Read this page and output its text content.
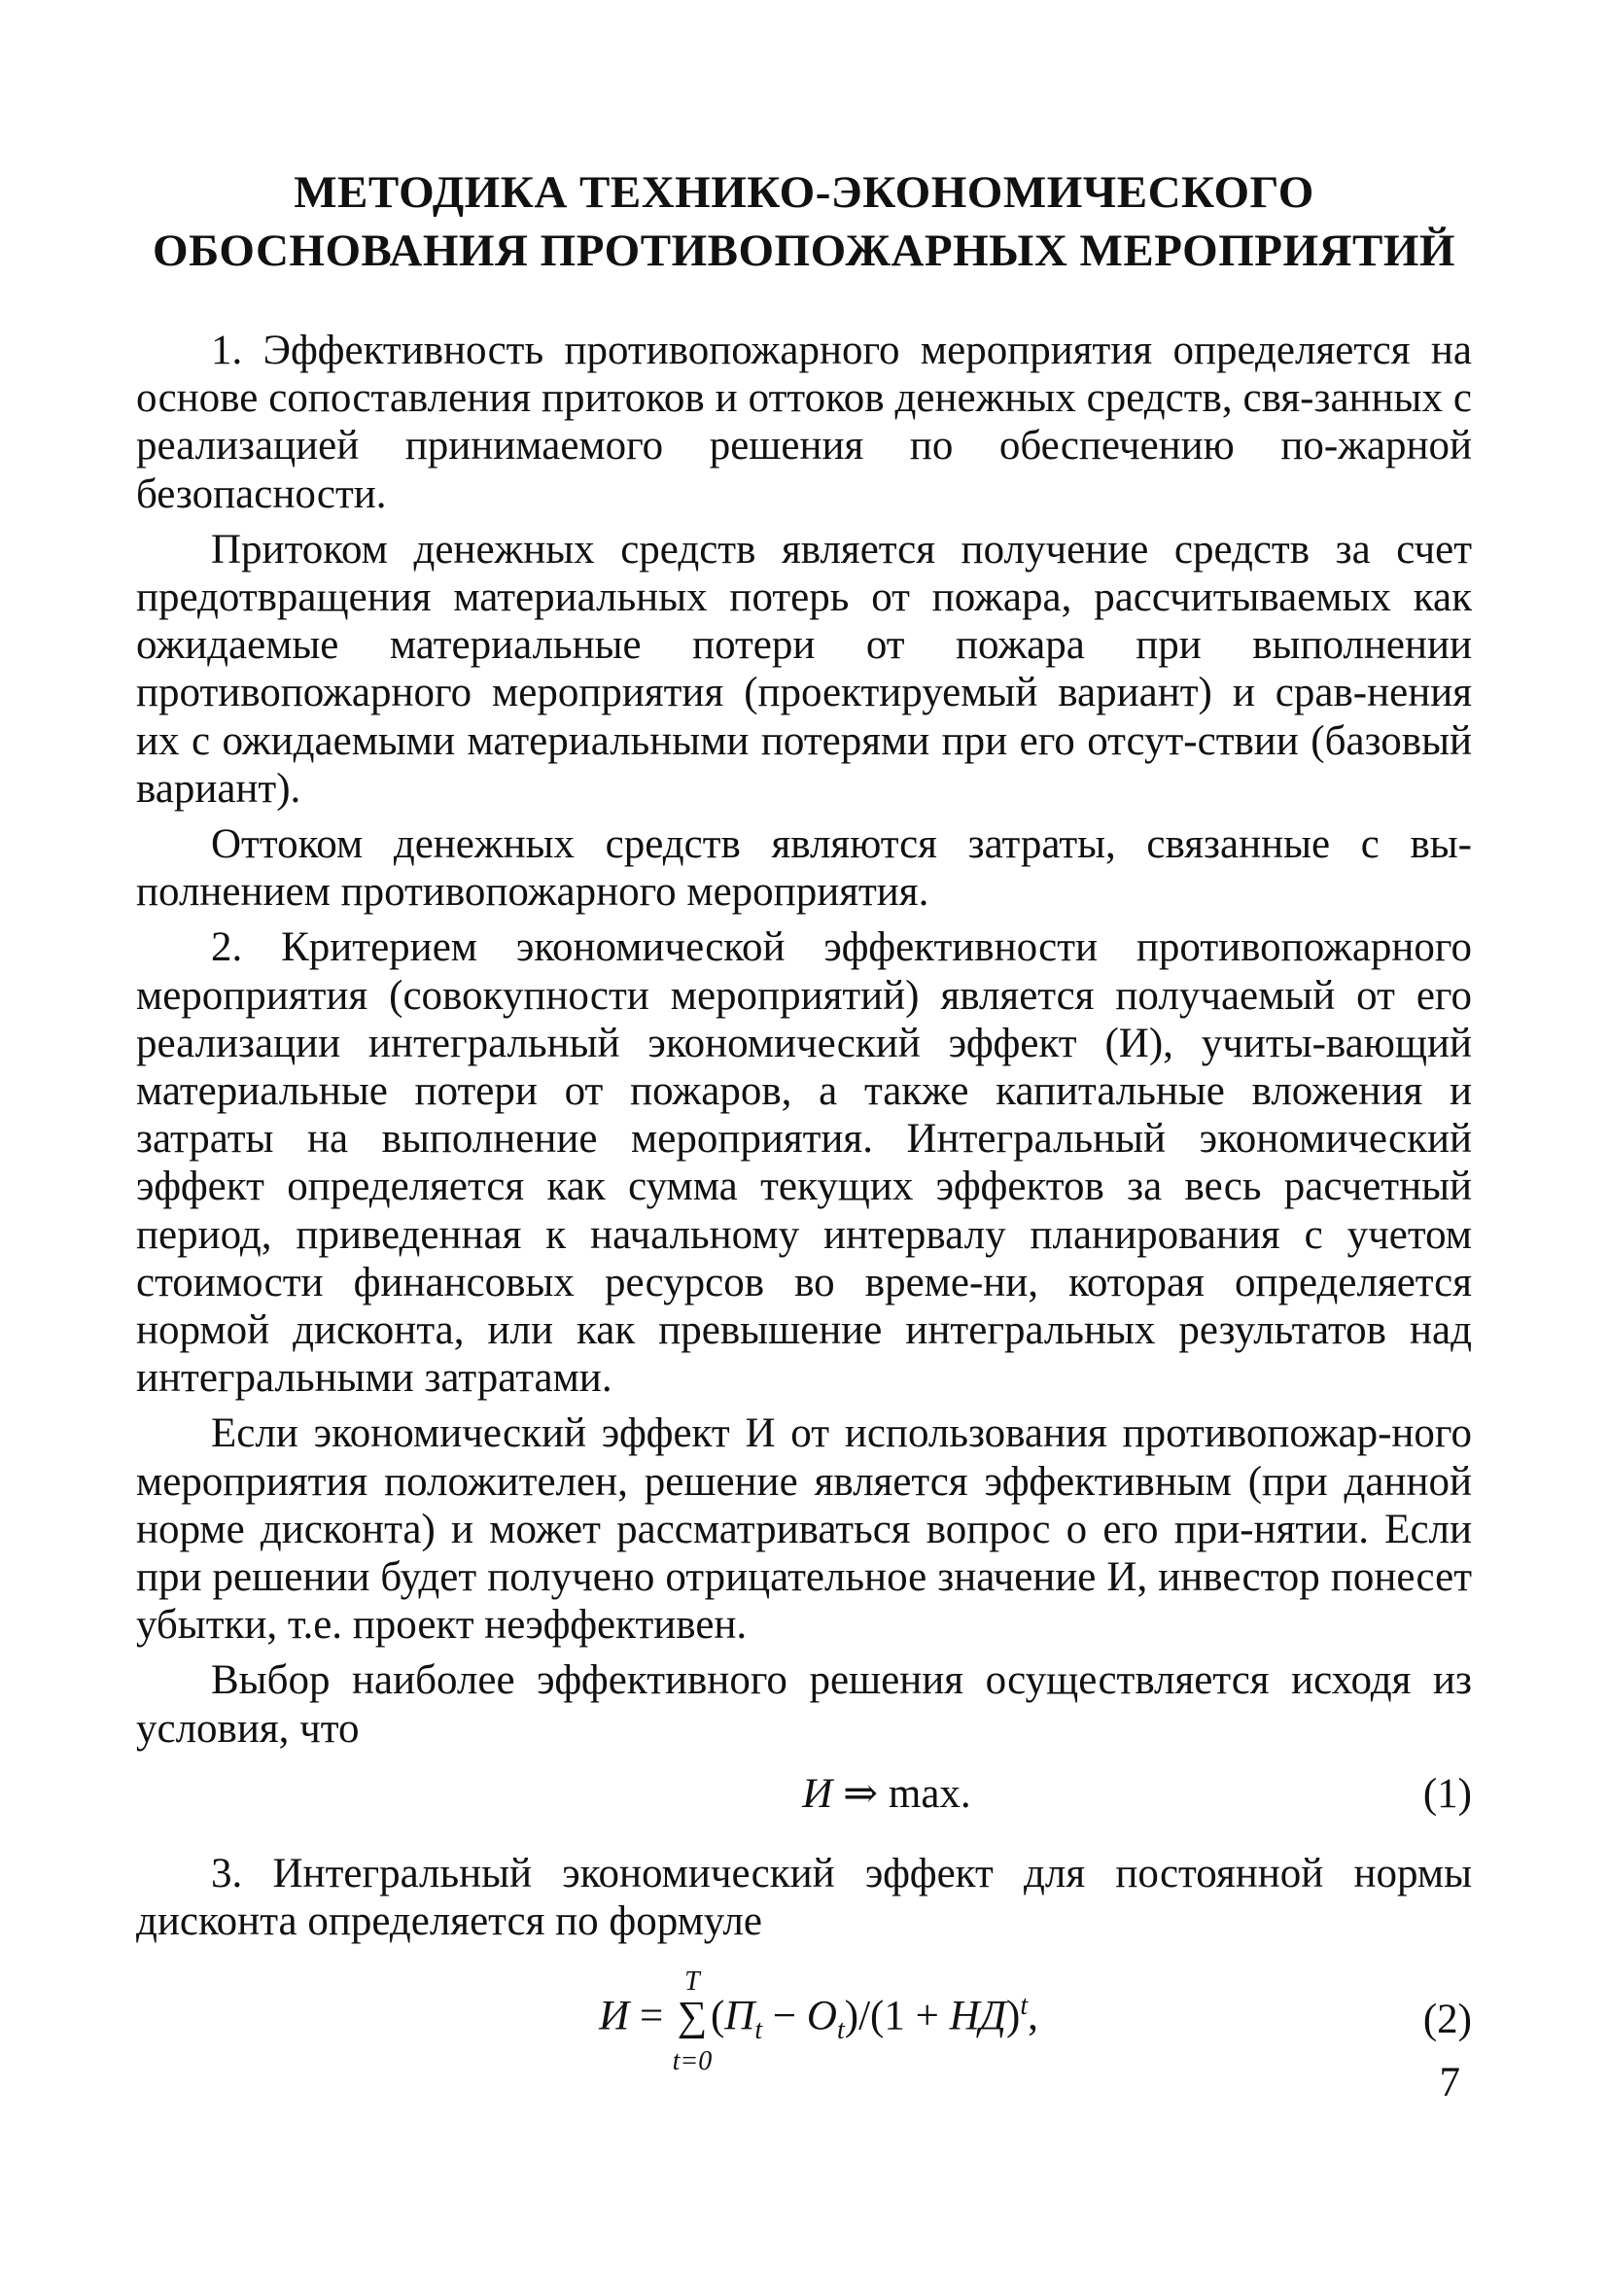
МЕТОДИКА ТЕХНИКО-ЭКОНОМИЧЕСКОГО
ОБОСНОВАНИЯ ПРОТИВОПОЖАРНЫХ МЕРОПРИЯТИЙ

1. Эффективность противопожарного мероприятия определяется на основе сопоставления притоков и оттоков денежных средств, свя-занных с реализацией принимаемого решения по обеспечению по-жарной безопасности.

Притоком денежных средств является получение средств за счет предотвращения материальных потерь от пожара, рассчитываемых как ожидаемые материальные потери от пожара при выполнении противопожарного мероприятия (проектируемый вариант) и срав-нения их с ожидаемыми материальными потерями при его отсут-ствии (базовый вариант).

Оттоком денежных средств являются затраты, связанные с вы-полнением противопожарного мероприятия.

2. Критерием экономической эффективности противопожарного мероприятия (совокупности мероприятий) является получаемый от его реализации интегральный экономический эффект (И), учиты-вающий материальные потери от пожаров, а также капитальные вложения и затраты на выполнение мероприятия. Интегральный экономический эффект определяется как сумма текущих эффектов за весь расчетный период, приведенная к начальному интервалу планирования с учетом стоимости финансовых ресурсов во време-ни, которая определяется нормой дисконта, или как превышение интегральных результатов над интегральными затратами.

Если экономический эффект И от использования противопожар-ного мероприятия положителен, решение является эффективным (при данной норме дисконта) и может рассматриваться вопрос о его при-нятии. Если при решении будет получено отрицательное значение И, инвестор понесет убытки, т.е. проект неэффективен.

Выбор наиболее эффективного решения осуществляется исходя из условия, что

И ⇒ max.	(1)

3. Интегральный экономический эффект для постоянной нормы дисконта определяется по формуле

И =
T
∑
t=0
$(П_t - O_t)/(1 + НД)^t$,	(2)
7
